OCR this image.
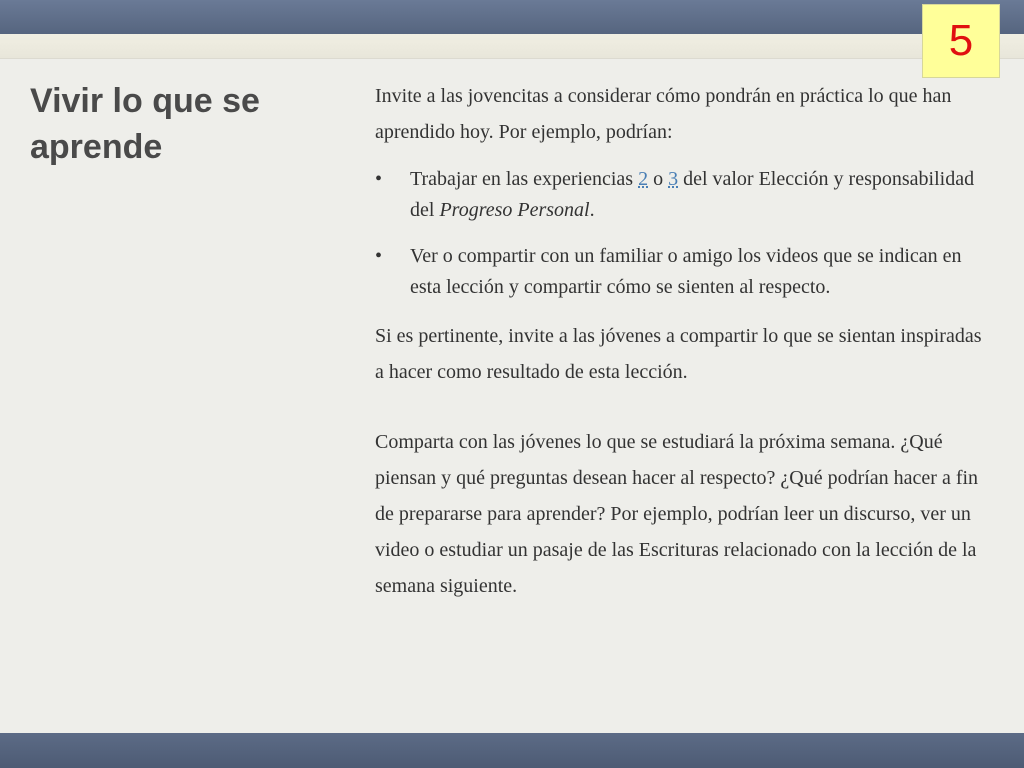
5
Vivir lo que se aprende

Invite a las jovencitas a considerar cómo pondrán en práctica lo que han aprendido hoy. Por ejemplo, podrían:

• Trabajar en las experiencias 2 o 3 del valor Elección y responsabilidad del Progreso Personal.
• Ver o compartir con un familiar o amigo los videos que se indican en esta lección y compartir cómo se sienten al respecto.

Si es pertinente, invite a las jóvenes a compartir lo que se sientan inspiradas a hacer como resultado de esta lección.

Comparta con las jóvenes lo que se estudiará la próxima semana. ¿Qué piensan y qué preguntas desean hacer al respecto? ¿Qué podrían hacer a fin de prepararse para aprender? Por ejemplo, podrían leer un discurso, ver un video o estudiar un pasaje de las Escrituras relacionado con la lección de la semana siguiente.
